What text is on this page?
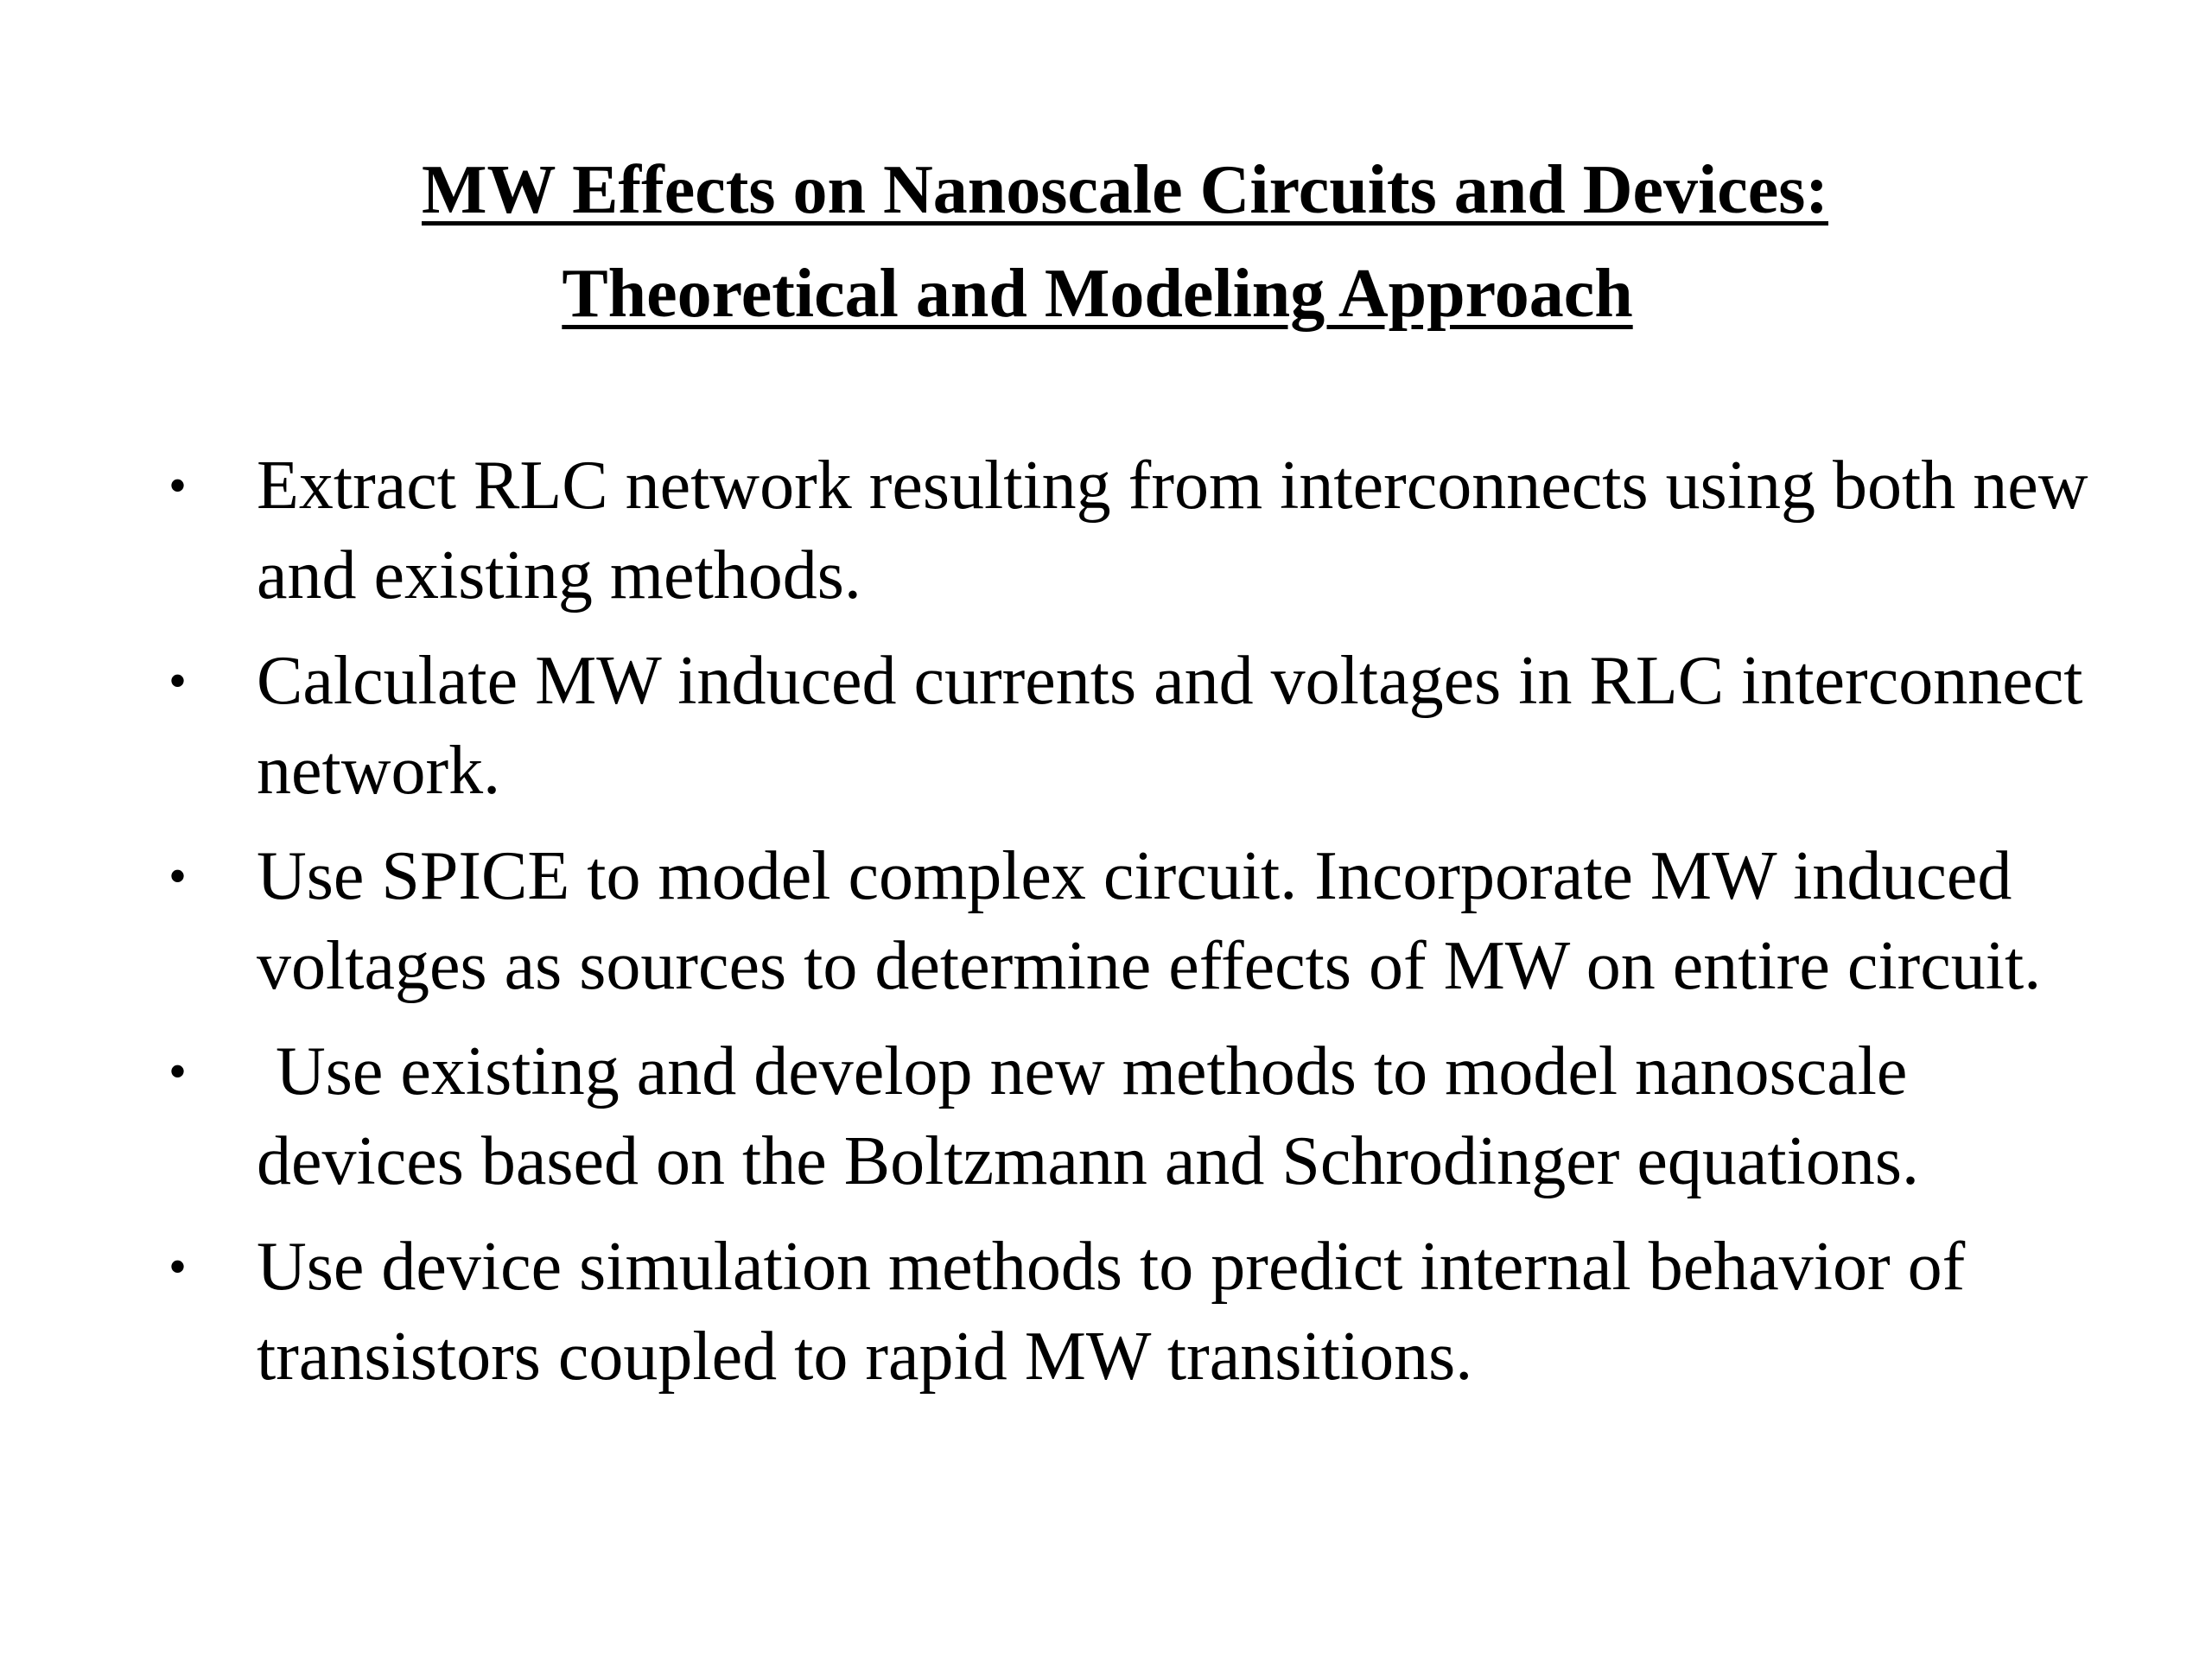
MW Effects on Nanoscale Circuits and Devices:
Theoretical and Modeling Approach
• Extract RLC network resulting from interconnects using both new and existing methods.
• Calculate MW induced currents and voltages in RLC interconnect network.
• Use SPICE to model complex circuit. Incorporate MW induced voltages as sources to determine effects of MW on entire circuit.
• Use existing and develop new methods to model nanoscale devices based on the Boltzmann and Schrodinger equations.
• Use device simulation methods to predict internal behavior of transistors coupled to rapid MW transitions.
